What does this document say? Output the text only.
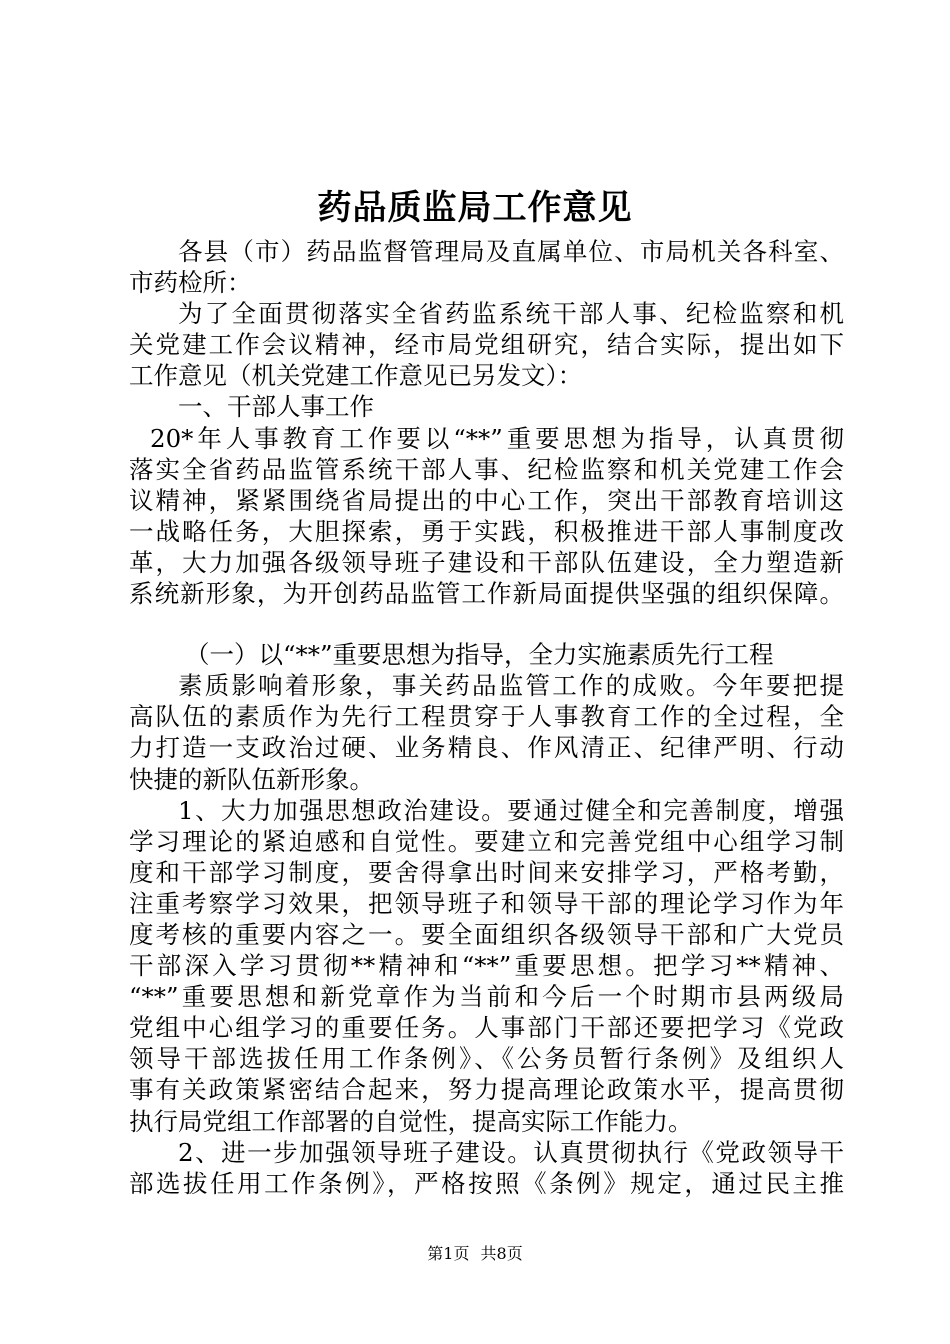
药品质监局工作意见
各县（市）药品监督管理局及直属单位、市局机关各科室、
市药检所：
为了全面贯彻落实全省药监系统干部人事、纪检监察和机
关党建工作会议精神，经市局党组研究，结合实际，提出如下
工作意见（机关党建工作意见已另发文）：
一、干部人事工作
20*年人事教育工作要以“**”重要思想为指导，认真贯彻
落实全省药品监管系统干部人事、纪检监察和机关党建工作会
议精神，紧紧围绕省局提出的中心工作，突出干部教育培训这
一战略任务，大胆探索，勇于实践，积极推进干部人事制度改
革，大力加强各级领导班子建设和干部队伍建设，全力塑造新
系统新形象，为开创药品监管工作新局面提供坚强的组织保障。
（一）以“**”重要思想为指导，全力实施素质先行工程
素质影响着形象，事关药品监管工作的成败。今年要把提
高队伍的素质作为先行工程贯穿于人事教育工作的全过程，全
力打造一支政治过硬、业务精良、作风清正、纪律严明、行动
快捷的新队伍新形象。
1、大力加强思想政治建设。要通过健全和完善制度，增强
学习理论的紧迫感和自觉性。要建立和完善党组中心组学习制
度和干部学习制度，要舍得拿出时间来安排学习，严格考勤，
注重考察学习效果，把领导班子和领导干部的理论学习作为年
度考核的重要内容之一。要全面组织各级领导干部和广大党员
干部深入学习贯彻**精神和“**”重要思想。把学习**精神、
“**”重要思想和新党章作为当前和今后一个时期市县两级局
党组中心组学习的重要任务。人事部门干部还要把学习《党政
领导干部选拔任用工作条例》、《公务员暂行条例》及组织人
事有关政策紧密结合起来，努力提高理论政策水平，提高贯彻
执行局党组工作部署的自觉性，提高实际工作能力。
2、进一步加强领导班子建设。认真贯彻执行《党政领导干
部选拔任用工作条例》，严格按照《条例》规定，通过民主推
第1页 共8页
